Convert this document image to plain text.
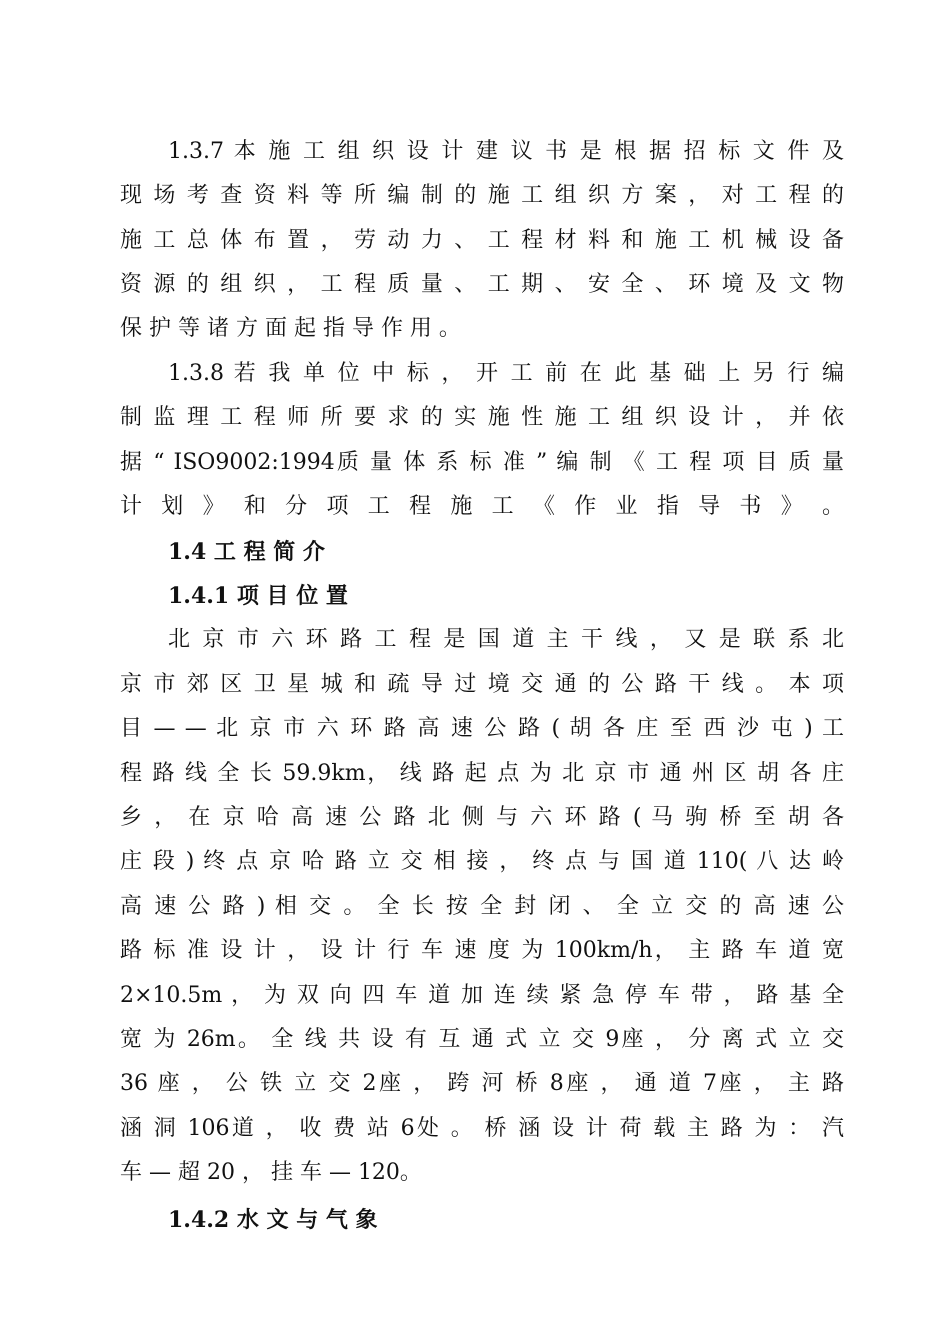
1.3.7 本 施 工 组 织 设 计 建 议 书 是 根 据 招 标 文 件 及
现 场 考 查 资 料 等 所 编 制 的 施 工 组 织 方 案 ， 对 工 程 的
施 工 总 体 布 置 ， 劳 动 力 、 工 程 材 料 和 施 工 机 械 设 备
资 源 的 组 织 ， 工 程 质 量 、 工 期 、 安 全 、 环 境 及 文 物
保 护 等 诸 方 面 起 指 导 作 用 。
1.3.8 若 我 单 位 中 标 ， 开 工 前 在 此 基 础 上 另 行 编
制 监 理 工 程 师 所 要 求 的 实 施 性 施 工 组 织 设 计 ， 并 依
据 “ ISO9002:1994质 量 体 系 标 准 ” 编 制 《 工 程 项 目 质 量
计 划 》 和 分 项 工 程 施 工 《 作 业 指 导 书 》 。
1.4 工 程 简 介
1.4.1 项 目 位 置
北 京 市 六 环 路 工 程 是 国 道 主 干 线 ， 又 是 联 系 北
京 市 郊 区 卫 星 城 和 疏 导 过 境 交 通 的 公 路 干 线 。 本 项
目 — — 北 京 市 六 环 路 高 速 公 路 ( 胡 各 庄 至 西 沙 屯 ) 工
程 路 线 全 长 59.9km， 线 路 起 点 为 北 京 市 通 州 区 胡 各 庄
乡 ， 在 京 哈 高 速 公 路 北 侧 与 六 环 路 ( 马 驹 桥 至 胡 各
庄 段 ) 终 点 京 哈 路 立 交 相 接 ， 终 点 与 国 道 110( 八 达 岭
高 速 公 路 ) 相 交 。 全 长 按 全 封 闭 、 全 立 交 的 高 速 公
路 标 准 设 计 ， 设 计 行 车 速 度 为 100km/h， 主 路 车 道 宽
2×10.5m ， 为 双 向 四 车 道 加 连 续 紧 急 停 车 带 ， 路 基 全
宽 为 26m。 全 线 共 设 有 互 通 式 立 交 9座 ， 分 离 式 立 交
36 座 ， 公 铁 立 交 2座 ， 跨 河 桥 8座 ， 通 道 7座 ， 主 路
涵 洞 106道 ， 收 费 站 6处 。 桥 涵 设 计 荷 载 主 路 为 ： 汽
车 — 超 20 ， 挂 车 — 120。
1.4.2 水 文 与 气 象
